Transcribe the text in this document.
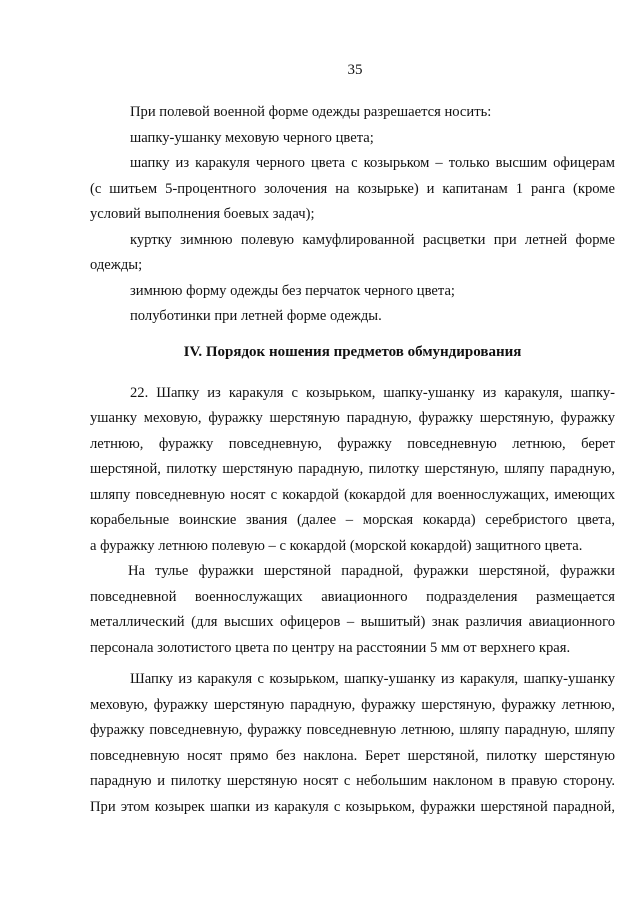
35
При полевой военной форме одежды разрешается носить:
шапку-ушанку меховую черного цвета;
шапку из каракуля черного цвета с козырьком – только высшим офицерам
(с шитьем 5-процентного золочения на козырьке) и капитанам 1 ранга (кроме
условий выполнения боевых задач);
куртку зимнюю полевую камуфлированной расцветки при летней форме
одежды;
зимнюю форму одежды без перчаток черного цвета;
полуботинки при летней форме одежды.
IV. Порядок ношения предметов обмундирования
22. Шапку из каракуля с козырьком, шапку-ушанку из каракуля, шапку-
ушанку меховую, фуражку шерстяную парадную, фуражку шерстяную, фуражку
летнюю, фуражку повседневную, фуражку повседневную летнюю, берет
шерстяной, пилотку шерстяную парадную, пилотку шерстяную, шляпу парадную,
шляпу повседневную носят с кокардой (кокардой для военнослужащих, имеющих
корабельные воинские звания (далее – морская кокарда) серебристого цвета,
а фуражку летнюю полевую – с кокардой (морской кокардой) защитного цвета.
На тулье фуражки шерстяной парадной, фуражки шерстяной, фуражки
повседневной военнослужащих авиационного подразделения размещается
металлический (для высших офицеров – вышитый) знак различия авиационного
персонала золотистого цвета по центру на расстоянии 5 мм от верхнего края.
Шапку из каракуля с козырьком, шапку-ушанку из каракуля, шапку-ушанку
меховую, фуражку шерстяную парадную, фуражку шерстяную, фуражку летнюю,
фуражку повседневную, фуражку повседневную летнюю, шляпу парадную, шляпу
повседневную носят прямо без наклона. Берет шерстяной, пилотку шерстяную
парадную и пилотку шерстяную носят с небольшим наклоном в правую сторону.
При этом козырек шапки из каракуля с козырьком, фуражки шерстяной парадной,
